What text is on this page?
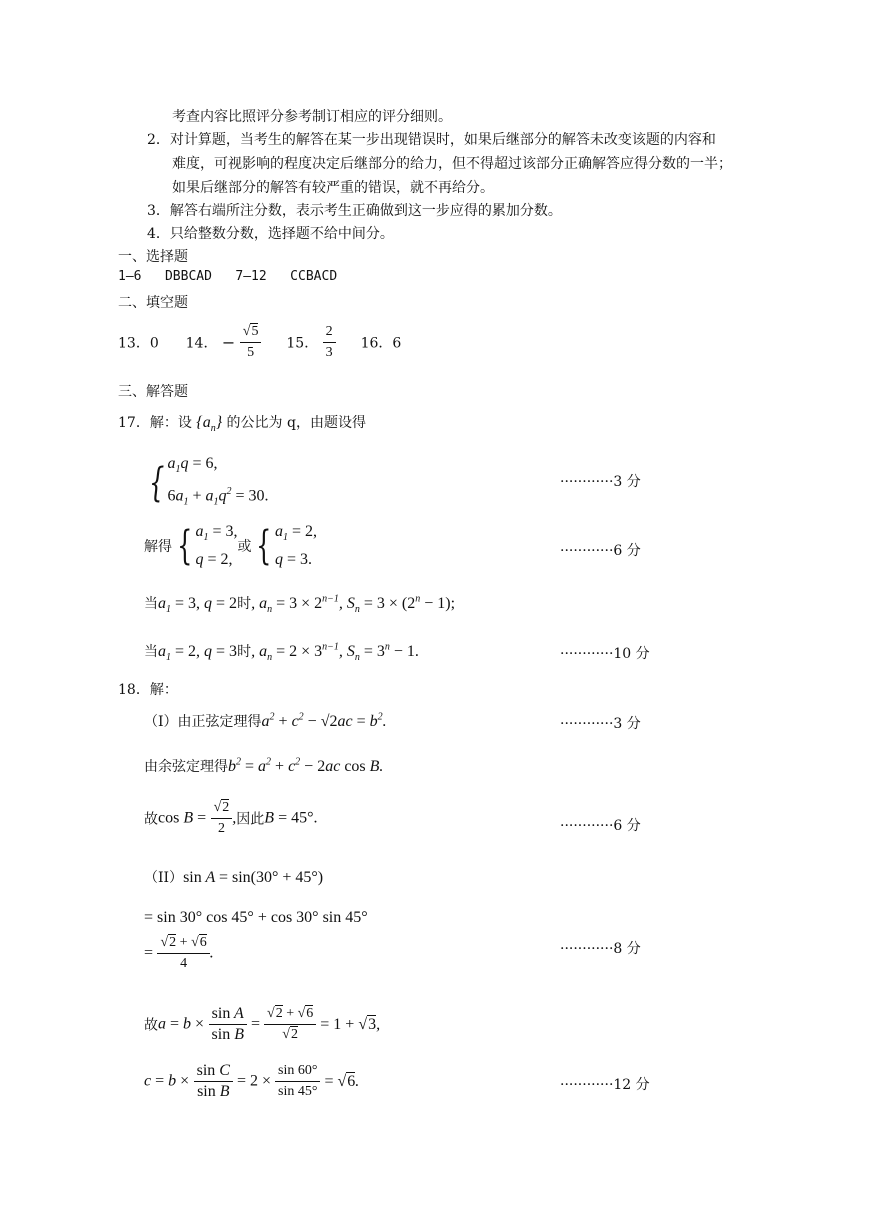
考查内容比照评分参考制订相应的评分细则。
2．对计算题，当考生的解答在某一步出现错误时，如果后继部分的解答未改变该题的内容和
难度，可视影响的程度决定后继部分的给力，但不得超过该部分正确解答应得分数的一半；
如果后继部分的解答有较严重的错误，就不再给分。
3．解答右端所注分数，表示考生正确做到这一步应得的累加分数。
4．只给整数分数，选择题不给中间分。
一、选择题
1—6   DBBCAD   7—12   CCBACD
二、填空题
13．0 14． − $\frac{√5}{5} 15$． $\frac{2}{3} 16$．6
三、解答题
17．解：设 $\{a_n\}$ 的公比为 q，由题设得
{ $a_1q = 6$,
$6a_1 + a_1q^2 = 30$.
············3 分
解得 { $a_1 = 3$,
q = 2,
或 { $a_1 = 2$,
q = 3.
············6 分
当$a_1 = 3$, q = 2时, $a_n = 3 \times 2^{n-1}$, $S_n = 3 \times (2^n - 1)$;
当$a_1 = 2$, q = 3时, $a_n = 2 \times 3^{n-1}$, $S_n = 3^n - 1$.	············10 分
18．解：
（I）由正弦定理得$a^2 + c^2 - √2ac = b^2$.	············3 分
由余弦定理得$b^2 = a^2 + c^2 - 2ac$ cos B.
故$\cos B = \frac{√2}{2}$ ,因此B = 45°.	············6 分
（II）sin A = sin(30° + 45°)
= sin 30° cos 45° + cos 30° sin 45°
= $\frac{√2 + √6}{4}$ .	············8 分
故$a = b \times \frac{\text{sin A}}{\text{sin B}} = \frac{√2 + √6}{√2} = 1 + √3$,
$c = b \times \frac{\text{sin C}}{\text{sin B}} = 2 \times \frac{\sin 60^\circ}{\sin 45^\circ} = √6$.	············12 分
